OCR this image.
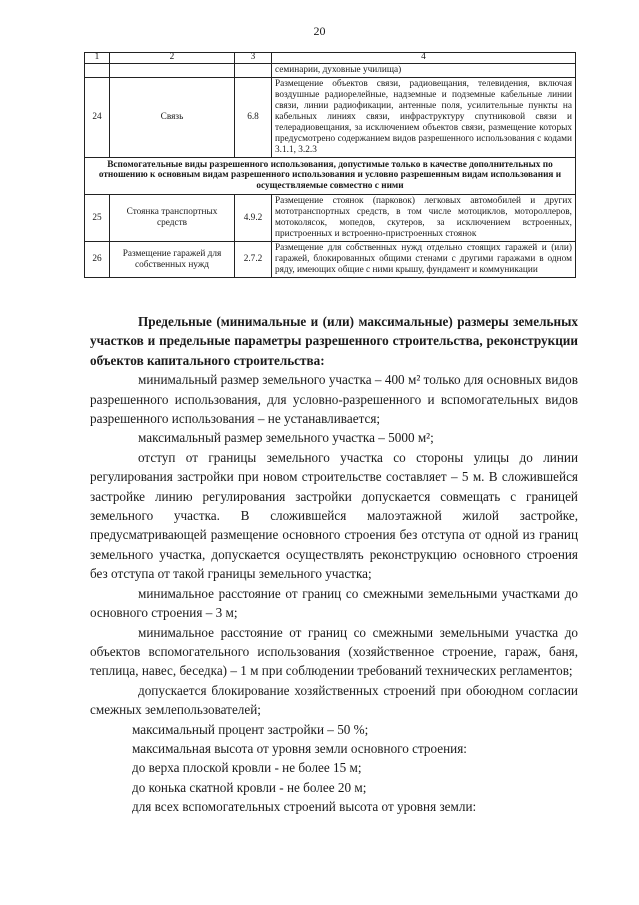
20
1	2	3	4
			семинарии, духовные училища)
24	Связь	6.8	Размещение объектов связи, радиовещания, телевидения, включая воздушные радиорелейные, надземные и подземные кабельные линии связи, линии радиофикации, антенные поля, усилительные пункты на кабельных линиях связи, инфраструктуру спутниковой связи и телерадиовещания, за исключением объектов связи, размещение которых предусмотрено содержанием видов разрешенного использования с кодами 3.1.1, 3.2.3
Вспомогательные виды разрешенного использования, допустимые только в качестве дополнительных по отношению к основным видам разрешенного использования и условно разрешенным видам использования и осуществляемые совместно с ними			
25	Стоянка транспортных средств	4.9.2	Размещение стоянок (парковок) легковых автомобилей и других мототранспортных средств, в том числе мотоциклов, мотороллеров, мотоколясок, мопедов, скутеров, за исключением встроенных, пристроенных и встроенно-пристроенных стоянок
26	Размещение гаражей для собственных нужд	2.7.2	Размещение для собственных нужд отдельно стоящих гаражей и (или) гаражей, блокированных общими стенами с другими гаражами в одном ряду, имеющих общие с ними крышу, фундамент и коммуникации

Предельные (минимальные и (или) максимальные) размеры земельных участков и предельные параметры разрешенного строительства, реконструкции объектов капитального строительства:

минимальный размер земельного участка – 400 м² только для основных видов разрешенного использования, для условно-разрешенного и вспомогательных видов разрешенного использования – не устанавливается;

максимальный размер земельного участка – 5000 м²;

отступ от границы земельного участка со стороны улицы до линии регулирования застройки при новом строительстве составляет – 5 м. В сложившейся застройке линию регулирования застройки допускается совмещать с границей земельного участка. В сложившейся малоэтажной жилой застройке, предусматривающей размещение основного строения без отступа от одной из границ земельного участка, допускается осуществлять реконструкцию основного строения без отступа от такой границы земельного участка;

минимальное расстояние от границ со смежными земельными участками до основного строения – 3 м;

минимальное расстояние от границ со смежными земельными участка до объектов вспомогательного использования (хозяйственное строение, гараж, баня, теплица, навес, беседка) – 1 м при соблюдении требований технических регламентов;

допускается блокирование хозяйственных строений при обоюдном согласии смежных землепользователей;

максимальный процент застройки – 50 %;

максимальная высота от уровня земли основного строения:

до верха плоской кровли - не более 15 м;

до конька скатной кровли - не более 20 м;

для всех вспомогательных строений высота от уровня земли:
